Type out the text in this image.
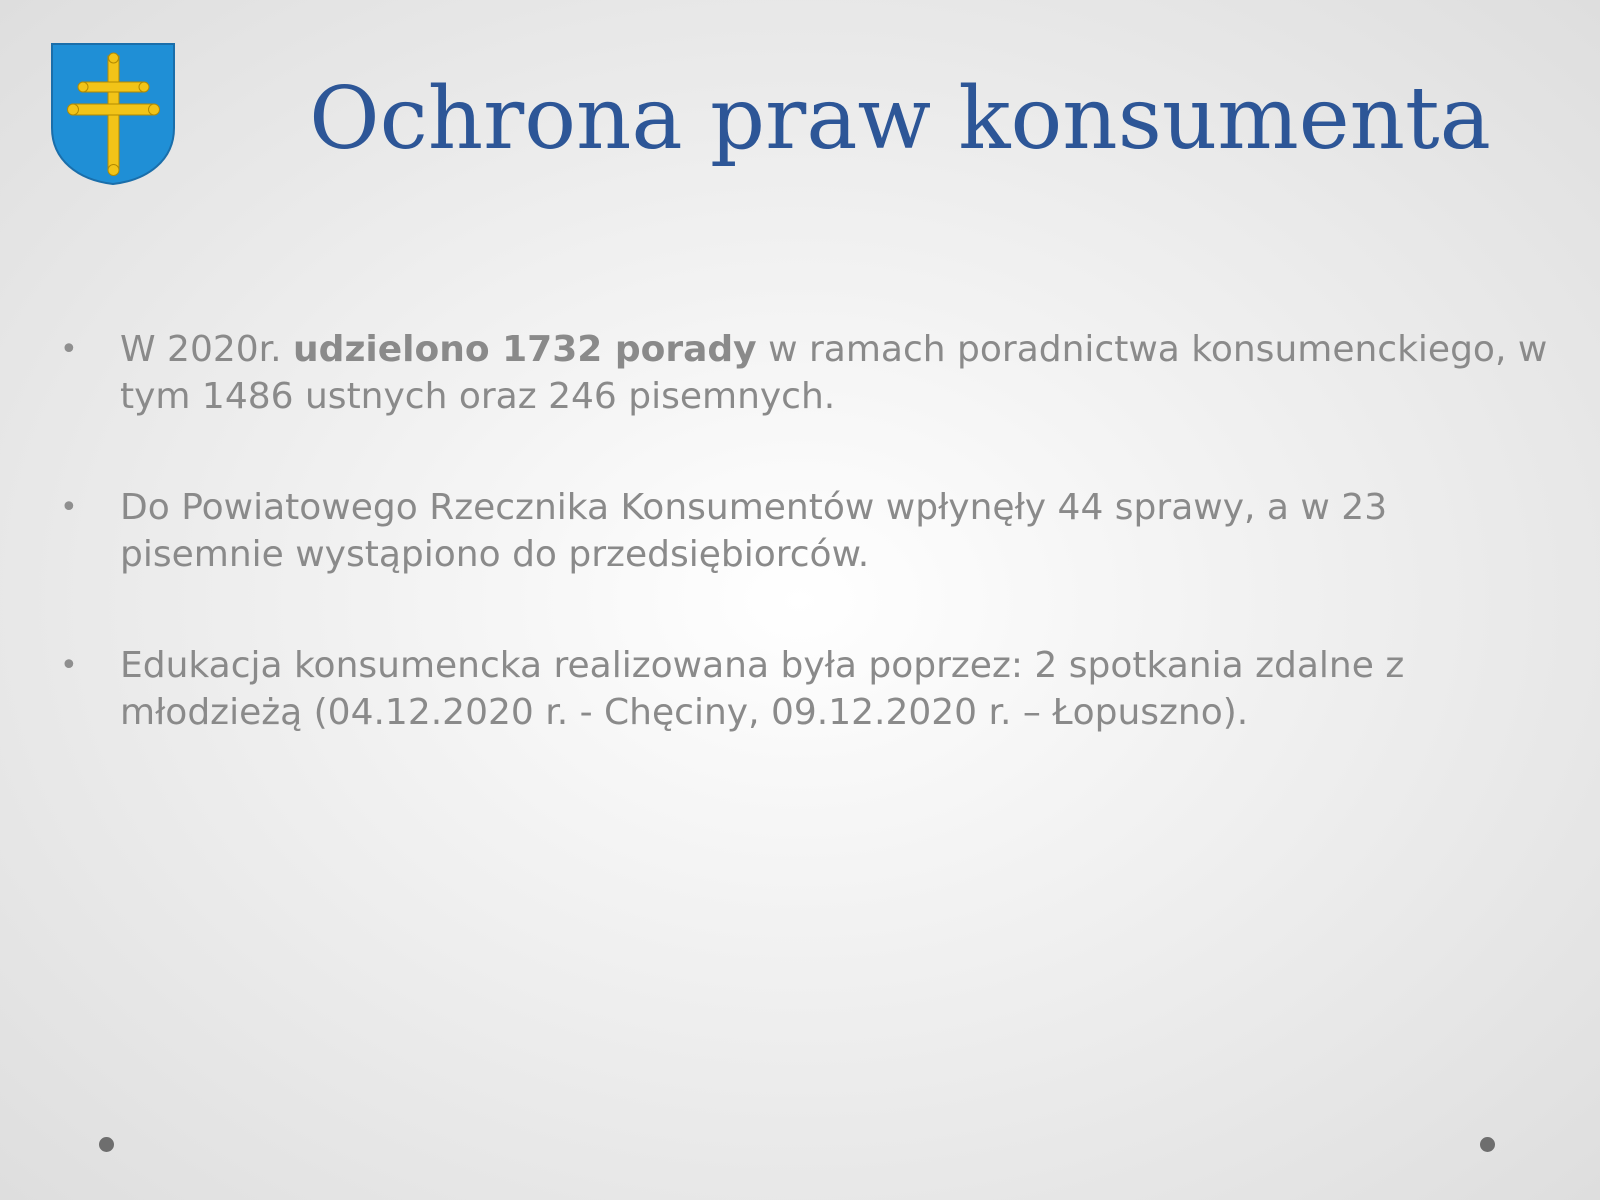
Ochrona praw konsumenta
• W 2020r. udzielono 1732 porady w ramach poradnictwa konsumenckiego, w tym 1486 ustnych oraz 246 pisemnych.
• Do Powiatowego Rzecznika Konsumentów wpłynęły 44 sprawy, a w 23 pisemnie wystąpiono do przedsiębiorców.
• Edukacja konsumencka realizowana była poprzez: 2 spotkania zdalne z młodzieżą (04.12.2020 r. - Chęciny, 09.12.2020 r. – Łopuszno).
